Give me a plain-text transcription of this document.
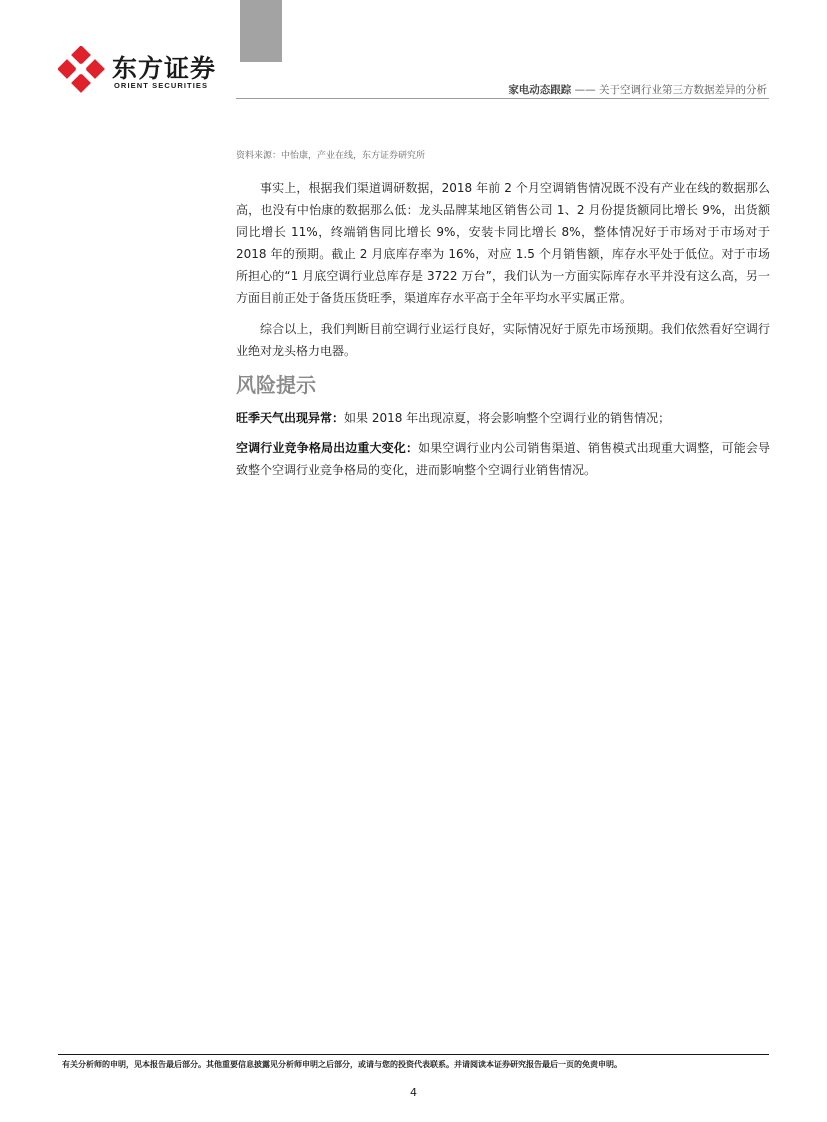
东方证券
ORIENT SECURITIES	家电动态跟踪 —— 关于空调行业第三方数据差异的分析

资料来源：中怡康，产业在线，东方证券研究所

事实上，根据我们渠道调研数据，2018 年前 2 个月空调销售情况既不没有产业在线的数据那么高，也没有中怡康的数据那么低：龙头品牌某地区销售公司 1、2 月份提货额同比增长 9%，出货额同比增长 11%，终端销售同比增长 9%，安装卡同比增长 8%，整体情况好于市场对于市场对于 2018 年的预期。截止 2 月底库存率为 16%，对应 1.5 个月销售额，库存水平处于低位。对于市场所担心的“1 月底空调行业总库存是 3722 万台”，我们认为一方面实际库存水平并没有这么高，另一方面目前正处于备货压货旺季，渠道库存水平高于全年平均水平实属正常。

综合以上，我们判断目前空调行业运行良好，实际情况好于原先市场预期。我们依然看好空调行业绝对龙头格力电器。

风险提示

旺季天气出现异常：如果 2018 年出现凉夏，将会影响整个空调行业的销售情况；

空调行业竞争格局出边重大变化：如果空调行业内公司销售渠道、销售模式出现重大调整，可能会导致整个空调行业竞争格局的变化，进而影响整个空调行业销售情况。

有关分析师的申明，见本报告最后部分。其他重要信息披露见分析师申明之后部分，或请与您的投资代表联系。并请阅读本证券研究报告最后一页的免责申明。
4
